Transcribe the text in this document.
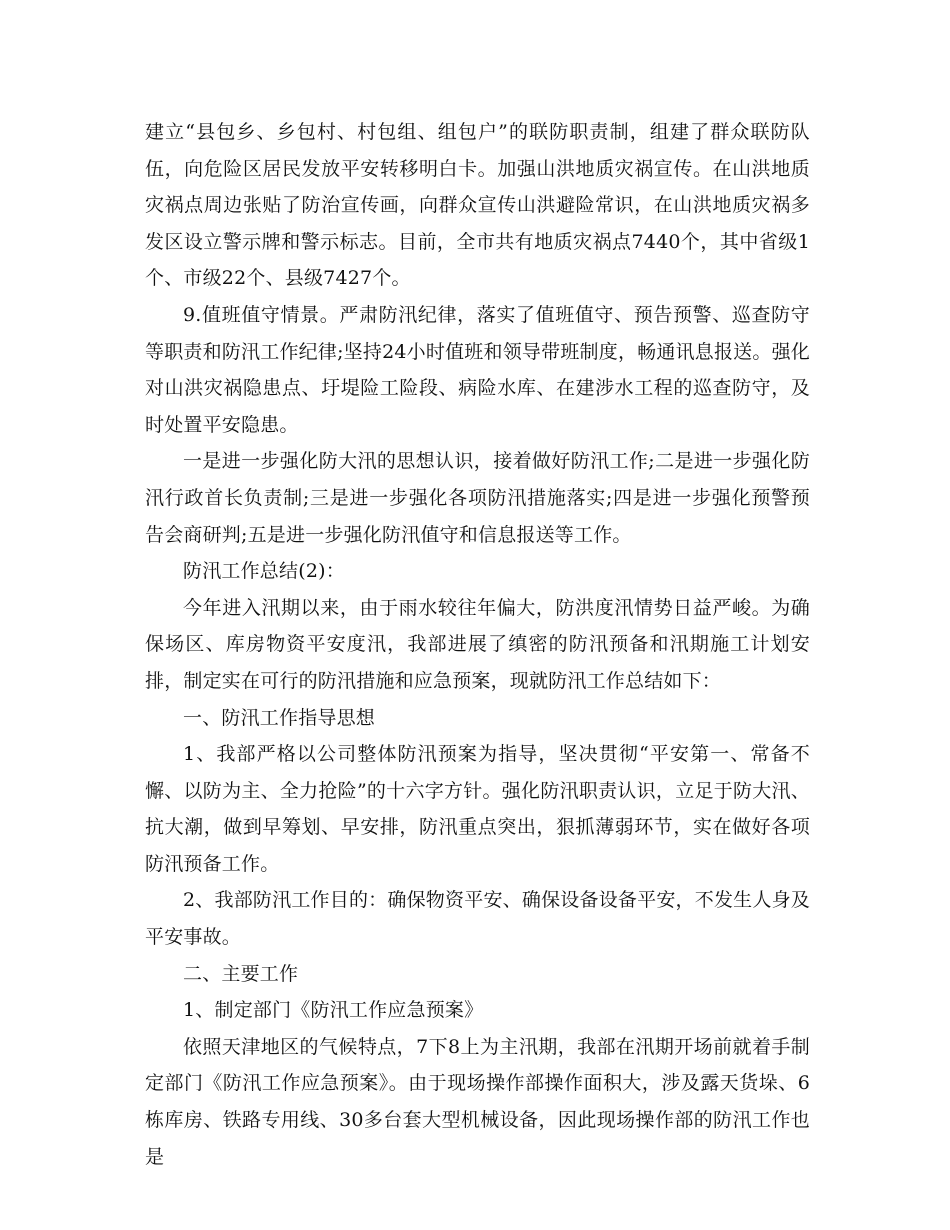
建立“县包乡、乡包村、村包组、组包户”的联防职责制，组建了群众联防队伍，向危险区居民发放平安转移明白卡。加强山洪地质灾祸宣传。在山洪地质灾祸点周边张贴了防治宣传画，向群众宣传山洪避险常识，在山洪地质灾祸多发区设立警示牌和警示标志。目前，全市共有地质灾祸点7440个，其中省级1个、市级22个、县级7427个。

9.值班值守情景。严肃防汛纪律，落实了值班值守、预告预警、巡查防守等职责和防汛工作纪律;坚持24小时值班和领导带班制度，畅通讯息报送。强化对山洪灾祸隐患点、圩堤险工险段、病险水库、在建涉水工程的巡查防守，及时处置平安隐患。

一是进一步强化防大汛的思想认识，接着做好防汛工作;二是进一步强化防汛行政首长负责制;三是进一步强化各项防汛措施落实;四是进一步强化预警预告会商研判;五是进一步强化防汛值守和信息报送等工作。

防汛工作总结(2)：

今年进入汛期以来，由于雨水较往年偏大，防洪度汛情势日益严峻。为确保场区、库房物资平安度汛，我部进展了缜密的防汛预备和汛期施工计划安排，制定实在可行的防汛措施和应急预案，现就防汛工作总结如下：

一、防汛工作指导思想

1、我部严格以公司整体防汛预案为指导，坚决贯彻“平安第一、常备不懈、以防为主、全力抢险”的十六字方针。强化防汛职责认识，立足于防大汛、抗大潮，做到早筹划、早安排，防汛重点突出，狠抓薄弱环节，实在做好各项防汛预备工作。

2、我部防汛工作目的：确保物资平安、确保设备设备平安，不发生人身及平安事故。

二、主要工作

1、制定部门《防汛工作应急预案》

依照天津地区的气候特点，7下8上为主汛期，我部在汛期开场前就着手制定部门《防汛工作应急预案》。由于现场操作部操作面积大，涉及露天货垛、6栋库房、铁路专用线、30多台套大型机械设备，因此现场操作部的防汛工作也是
